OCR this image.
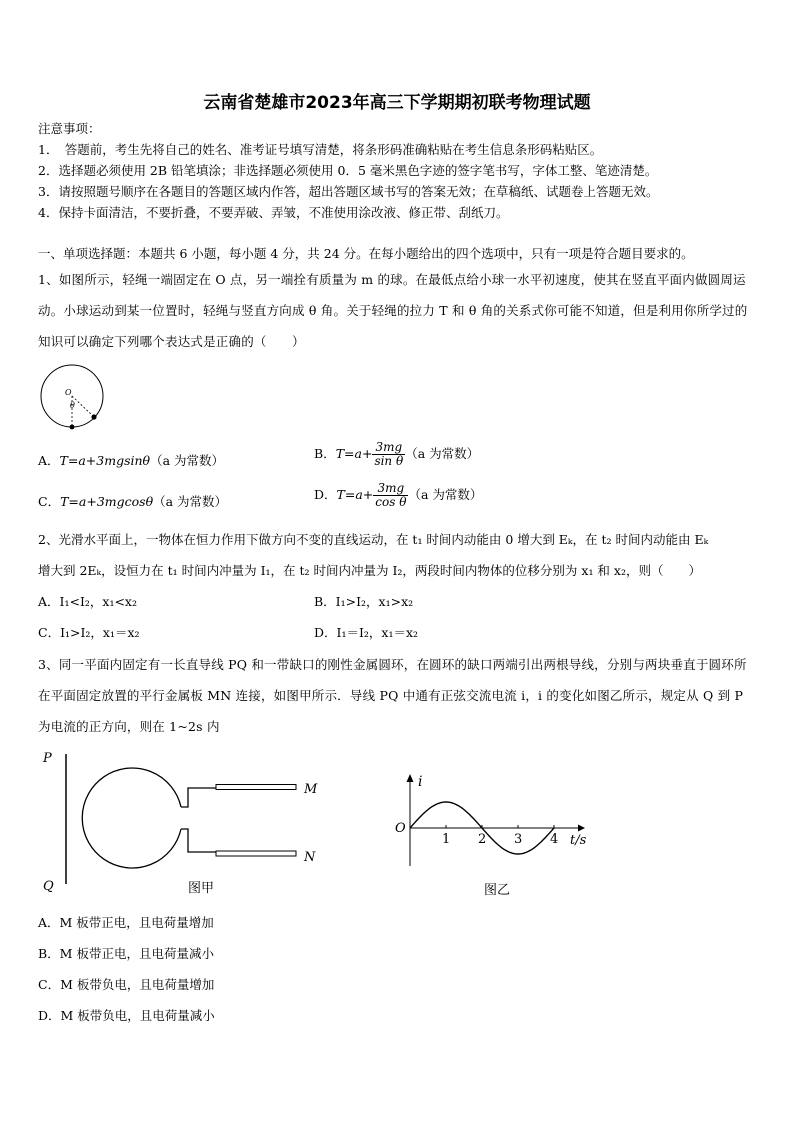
云南省楚雄市2023年高三下学期期初联考物理试题
注意事项：
1．　答题前，考生先将自己的姓名、准考证号填写清楚，将条形码准确粘贴在考生信息条形码粘贴区。
2．选择题必须使用 2B 铅笔填涂；非选择题必须使用 0．5 毫米黑色字迹的签字笔书写，字体工整、笔迹清楚。
3．请按照题号顺序在各题目的答题区域内作答，超出答题区域书写的答案无效；在草稿纸、试题卷上答题无效。
4．保持卡面清洁，不要折叠，不要弄破、弄皱，不准使用涂改液、修正带、刮纸刀。
一、单项选择题：本题共 6 小题，每小题 4 分，共 24 分。在每小题给出的四个选项中，只有一项是符合题目要求的。
1、如图所示，轻绳一端固定在 O 点，另一端拴有质量为 m 的球。在最低点给小球一水平初速度，使其在竖直平面内做圆周运动。小球运动到某一位置时，轻绳与竖直方向成 θ 角。关于轻绳的拉力 T 和 θ 角的关系式你可能不知道，但是利用你所学过的知识可以确定下列哪个表达式是正确的（　　）
O
θ
A．T=a+3mgsinθ（a 为常数）	B．$T=a+ \frac{3mg}{\text{sin θ}} (a$ 为常数）
C．T=a+3mgcosθ（a 为常数）	D．$T=a+ \frac{3mg}{\text{cos θ}} (a$ 为常数）
2、光滑水平面上，一物体在恒力作用下做方向不变的直线运动，在 t₁ 时间内动能由 0 增大到 Eₖ，在 t₂ 时间内动能由 Eₖ
增大到 2Eₖ，设恒力在 t₁ 时间内冲量为 I₁，在 t₂ 时间内冲量为 I₂，两段时间内物体的位移分别为 x₁ 和 x₂，则（　　）
A．I₁<I₂，x₁<x₂	B．I₁>I₂，x₁>x₂
C．I₁>I₂，x₁＝x₂	D．I₁＝I₂，x₁＝x₂
3、同一平面内固定有一长直导线 PQ 和一带缺口的刚性金属圆环，在圆环的缺口两端引出两根导线，分别与两块垂直于圆环所在平面固定放置的平行金属板 MN 连接，如图甲所示．导线 PQ 中通有正弦交流电流 i，i 的变化如图乙所示，规定从 Q 到 P 为电流的正方向，则在 1~2s 内
P
Q
M
N
图甲
i
O
t/s
1 2 3 4
图乙
A．M 板带正电，且电荷量增加
B．M 板带正电，且电荷量减小
C．M 板带负电，且电荷量增加
D．M 板带负电，且电荷量减小
